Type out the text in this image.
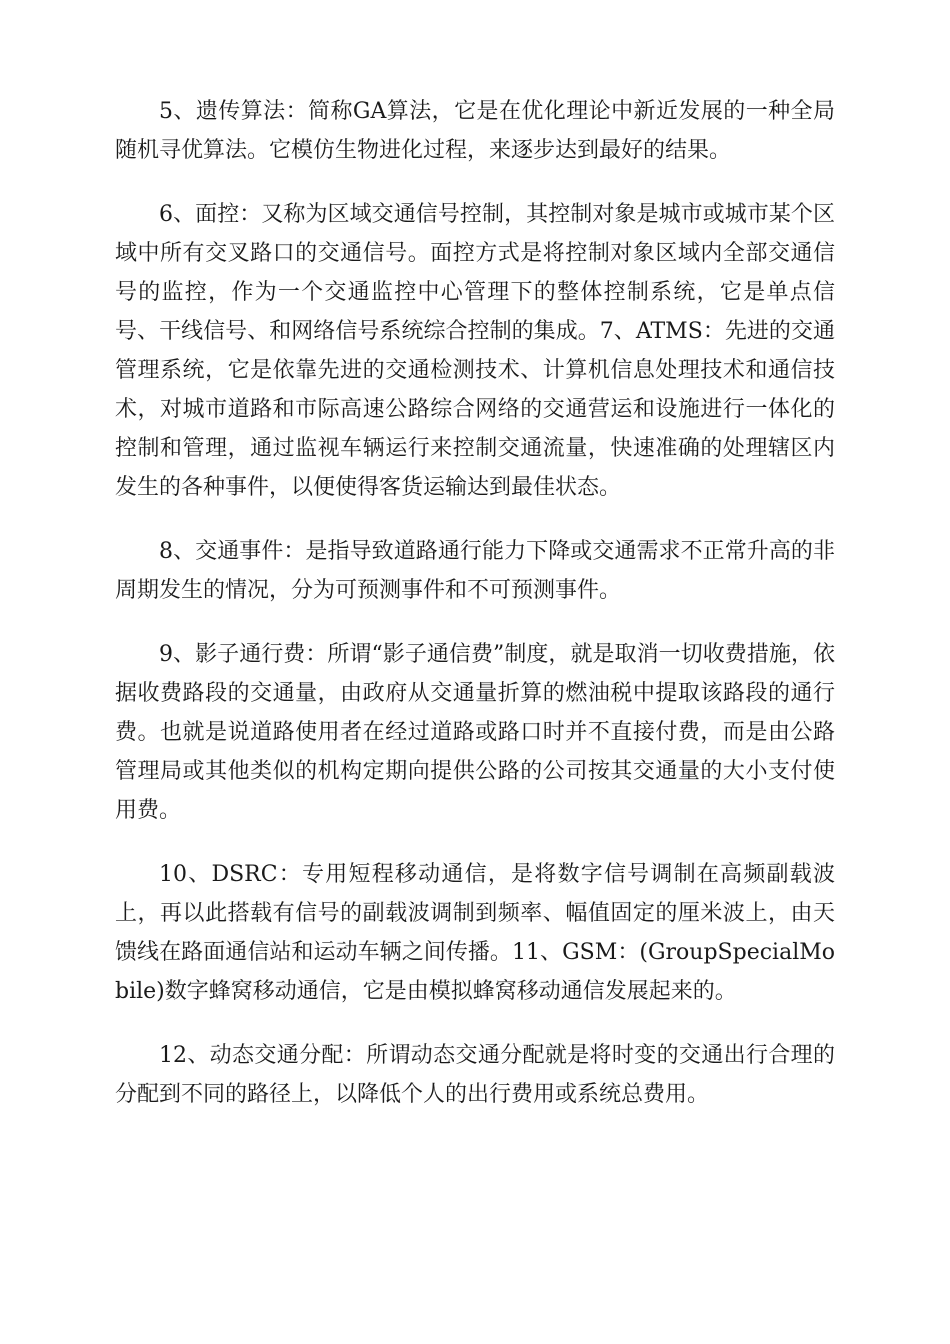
5、遗传算法：简称GA算法，它是在优化理论中新近发展的一种全局随机寻优算法。它模仿生物进化过程，来逐步达到最好的结果。

6、面控：又称为区域交通信号控制，其控制对象是城市或城市某个区域中所有交叉路口的交通信号。面控方式是将控制对象区域内全部交通信号的监控，作为一个交通监控中心管理下的整体控制系统，它是单点信号、干线信号、和网络信号系统综合控制的集成。7、ATMS：先进的交通管理系统，它是依靠先进的交通检测技术、计算机信息处理技术和通信技术，对城市道路和市际高速公路综合网络的交通营运和设施进行一体化的控制和管理，通过监视车辆运行来控制交通流量，快速准确的处理辖区内发生的各种事件，以便使得客货运输达到最佳状态。

8、交通事件：是指导致道路通行能力下降或交通需求不正常升高的非周期发生的情况，分为可预测事件和不可预测事件。

9、影子通行费：所谓“影子通信费”制度，就是取消一切收费措施，依据收费路段的交通量，由政府从交通量折算的燃油税中提取该路段的通行费。也就是说道路使用者在经过道路或路口时并不直接付费，而是由公路管理局或其他类似的机构定期向提供公路的公司按其交通量的大小支付使用费。

10、DSRC：专用短程移动通信，是将数字信号调制在高频副载波上，再以此搭载有信号的副载波调制到频率、幅值固定的厘米波上，由天馈线在路面通信站和运动车辆之间传播。11、GSM：(GroupSpecialMobile)数字蜂窝移动通信，它是由模拟蜂窝移动通信发展起来的。

12、动态交通分配：所谓动态交通分配就是将时变的交通出行合理的分配到不同的路径上，以降低个人的出行费用或系统总费用。
